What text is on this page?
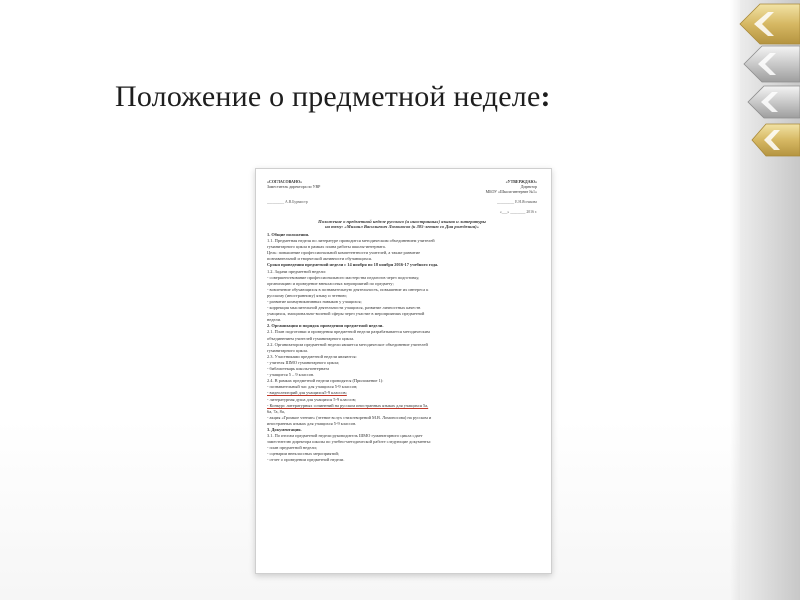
Положение о предметной неделе:
«СОГЛАСОВАНО»
Заместитель директора по УВР
«УТВЕРЖДАЮ»
Директор
МБОУ «Школа-интернат №1»
_________ А.В.Бурмистр	_________ Е.Н.Ясенкова
«___» ________ 2016 г.
Положение о предметной неделе русского (и иностранных) языков и литературы
на тему: «Михаил Васильевич Ломоносов (к 305-летию со Дня рождения)»

1. Общие положения.

1.1. Предметная неделя по литературе проводится методическим объединением учителей

гуманитарного цикла в рамках плана работы школы-интерната.

Цель: повышение профессиональной компетентности учителей, а также развитие

познавательной и творческой активности обучающихся.

Сроки проведения предметной недели с 14 ноября по 18 ноября 2016-17 учебного года.

1.2. Задачи предметной недели:

- совершенствование профессионального мастерства педагогов через подготовку,

организацию и проведение внеклассных мероприятий по предмету;

- вовлечение обучающихся в познавательную деятельность, повышение их интереса к

русскому (иностранному) языку и чтению;

- развитие коммуникативных навыков у учащихся;

- коррекция мыслительной деятельности учащихся, развитие личностных качеств

учащихся, эмоционально-волевой сферы через участие в мероприятиях предметной

недели.

2. Организация и порядок проведения предметной недели.

2.1. План подготовки и проведения предметной недели разрабатывается методическим

объединением учителей гуманитарного цикла.

2.2. Организатором предметной недели является методическое объединение учителей

гуманитарного цикла.

2.3. Участниками предметной недели являются:

- учителя ШМО гуманитарного цикла;

- библиотекарь школы-интерната

- учащиеся 5 – 9 классов.

2.4. В рамках предметной недели проводятся (Приложение 1):

- познавательный час для учащихся 5-9 классов;

- видеолекторий для учащихся5-9 классов;

- литературная душа для учащихся 5-9 классов;

- Конкурс литературных сочинений на русском иностранных языках для учащихся 5а,

6а, 7а, 8а,

- акция «Громкое чтение» (чтение вслух стихотворений М.В. Ломоносова) на русском и

иностранных языках для учащихся 5-9 классов.

3. Документация.

3.1. По итогам предметной недели руководитель ШМО гуманитарного цикла сдает

заместителю директора школы по учебно-методической работе следующие документы:

- план предметной недели;

- сценарии внеклассных мероприятий;

- отчет о проведении предметной недели.
